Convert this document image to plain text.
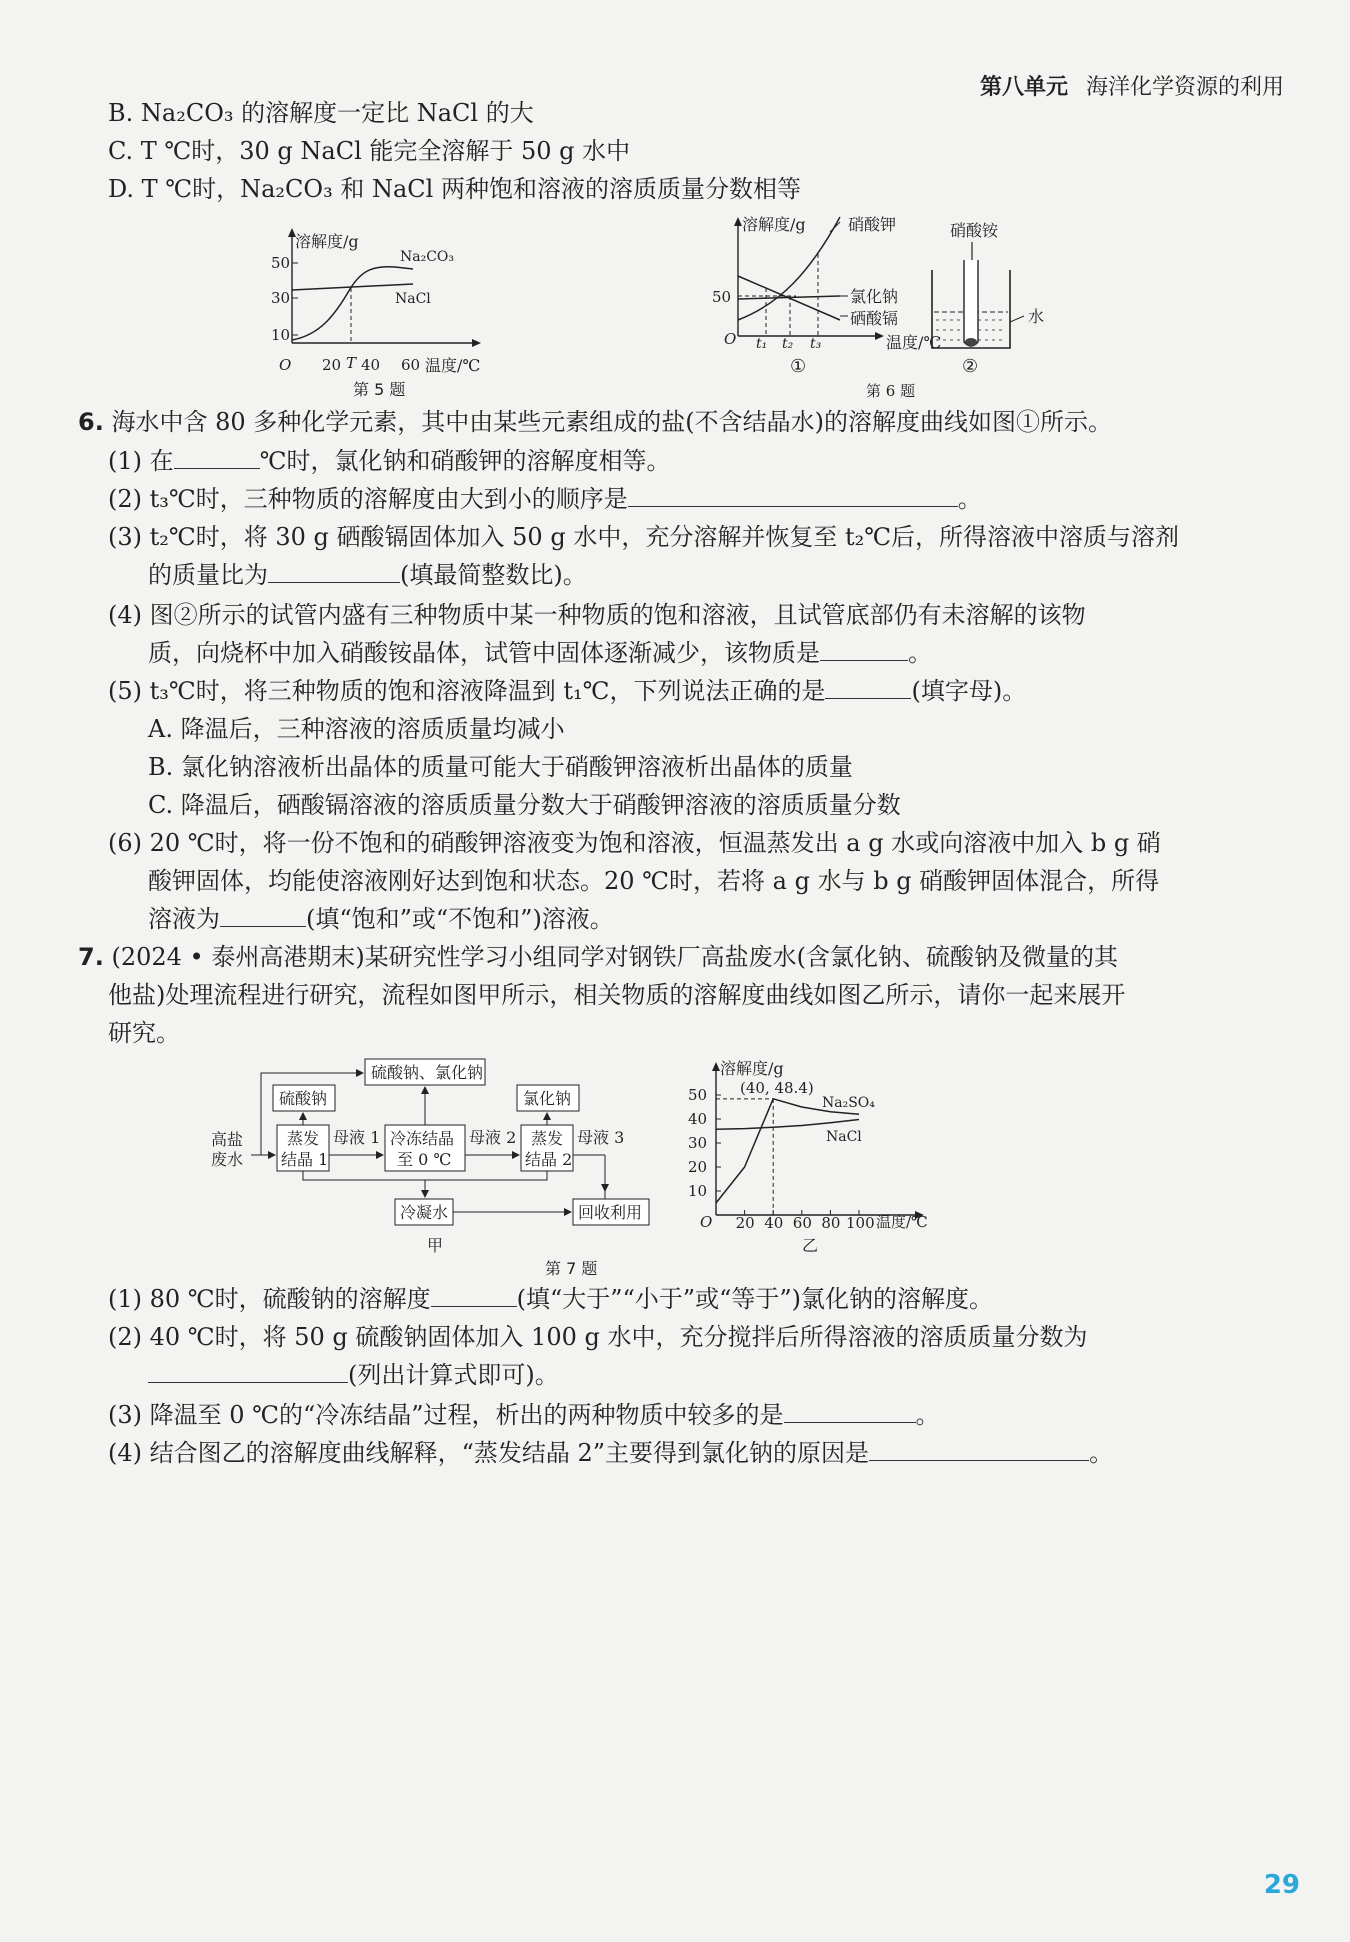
第八单元 海洋化学资源的利用
B. Na₂CO₃ 的溶解度一定比 NaCl 的大
C. T ℃时，30 g NaCl 能完全溶解于 50 g 水中
D. T ℃时，Na₂CO₃ 和 NaCl 两种饱和溶液的溶质质量分数相等
溶解度/g
50
30
10
O 20 T 40 60 温度/℃
Na₂CO₃
NaCl
第 5 题
溶解度/g	硝酸钾
50
O t₁ t₂ t₃
氯化钠
硒酸镉
温度/℃
①
硝酸铵
水
②
第 6 题
6. 海水中含 80 多种化学元素，其中由某些元素组成的盐(不含结晶水)的溶解度曲线如图①所示。
(1) 在	℃时，氯化钠和硝酸钾的溶解度相等。
(2) t₃℃时，三种物质的溶解度由大到小的顺序是	。
(3) t₂℃时，将 30 g 硒酸镉固体加入 50 g 水中，充分溶解并恢复至 t₂℃后，所得溶液中溶质与溶剂
的质量比为	(填最简整数比)。
(4) 图②所示的试管内盛有三种物质中某一种物质的饱和溶液，且试管底部仍有未溶解的该物
质，向烧杯中加入硝酸铵晶体，试管中固体逐渐减少，该物质是	。
(5) t₃℃时，将三种物质的饱和溶液降温到 t₁℃，下列说法正确的是	(填字母)。
A. 降温后，三种溶液的溶质质量均减小
B. 氯化钠溶液析出晶体的质量可能大于硝酸钾溶液析出晶体的质量
C. 降温后，硒酸镉溶液的溶质质量分数大于硝酸钾溶液的溶质质量分数
(6) 20 ℃时，将一份不饱和的硝酸钾溶液变为饱和溶液，恒温蒸发出 a g 水或向溶液中加入 b g 硝
酸钾固体，均能使溶液刚好达到饱和状态。20 ℃时，若将 a g 水与 b g 硝酸钾固体混合，所得
溶液为	(填“饱和”或“不饱和”)溶液。
7. (2024 • 泰州高港期末)某研究性学习小组同学对钢铁厂高盐废水(含氯化钠、硫酸钠及微量的其
他盐)处理流程进行研究，流程如图甲所示，相关物质的溶解度曲线如图乙所示，请你一起来展开
研究。
硫酸钠、氯化钠
硫酸钠	氯化钠
高盐
废水
蒸发
结晶 1
冷冻结晶
至 0 ℃
蒸发
结晶 2
母液 1	母液 2	母液 3
冷凝水	回收利用
甲
20 40 60 80 100
10
20
30
40
50
溶解度/g
(40, 48.4)
Na₂SO₄
NaCl
O	温度/℃
乙
第 7 题
(1) 80 ℃时，硫酸钠的溶解度	(填“大于”“小于”或“等于”)氯化钠的溶解度。
(2) 40 ℃时，将 50 g 硫酸钠固体加入 100 g 水中，充分搅拌后所得溶液的溶质质量分数为
(列出计算式即可)。
(3) 降温至 0 ℃的“冷冻结晶”过程，析出的两种物质中较多的是	。
(4) 结合图乙的溶解度曲线解释，“蒸发结晶 2”主要得到氯化钠的原因是	。
29
